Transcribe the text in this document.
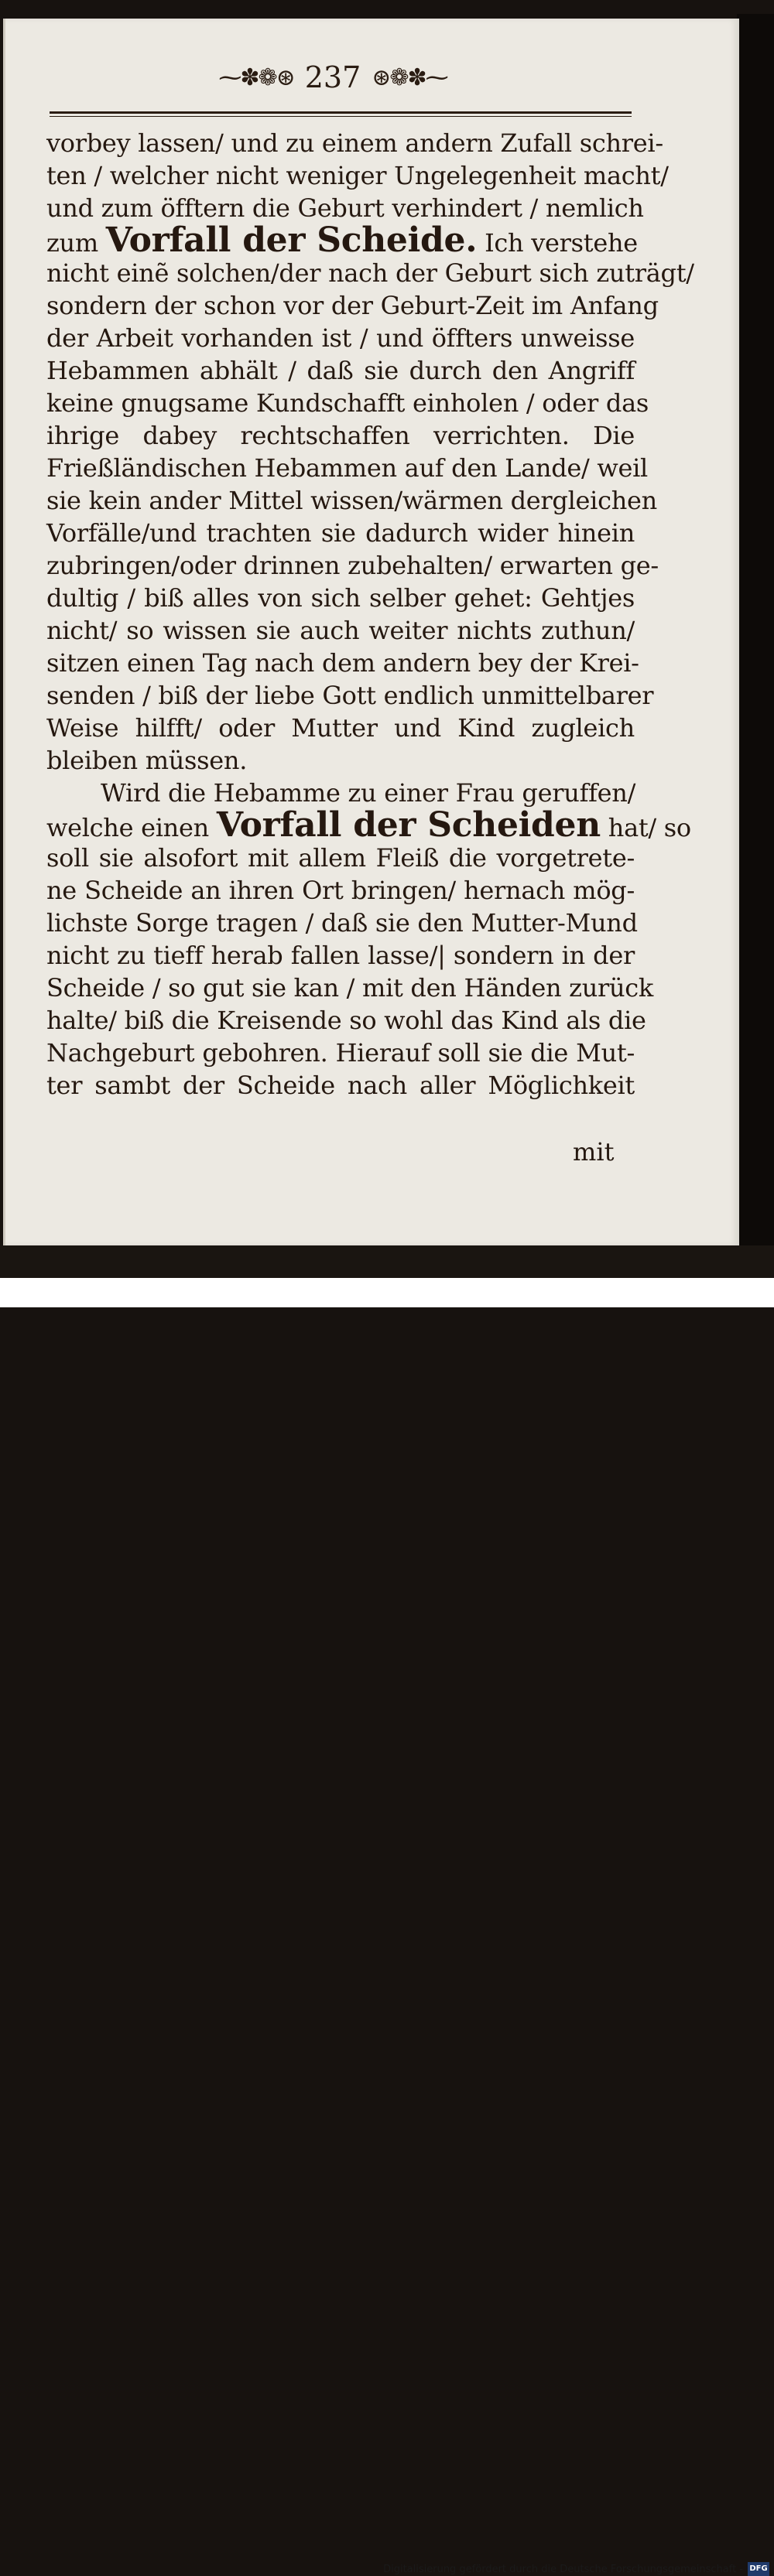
⁓✽❁⊛ 237 ⊛❁✽⁓
vorbey lassen/ und zu einem andern Zufall schrei-
ten / welcher nicht weniger Ungelegenheit macht/
und zum öfftern die Geburt verhindert / nemlich
zum Vorfall der Scheide. Ich verstehe
nicht einẽ solchen/der nach der Geburt sich zuträgt/
sondern der schon vor der Geburt-Zeit im Anfang
der Arbeit vorhanden ist / und öffters unweisse
Hebammen abhält / daß sie durch den Angriff
keine gnugsame Kundschafft einholen / oder das
ihrige dabey rechtschaffen verrichten. Die
Frießländischen Hebammen auf den Lande/ weil
sie kein ander Mittel wissen/wärmen dergleichen
Vorfälle/und trachten sie dadurch wider hinein
zubringen/oder drinnen zubehalten/ erwarten ge-
dultig / biß alles von sich selber gehet: Gehtjes
nicht/ so wissen sie auch weiter nichts zuthun/
sitzen einen Tag nach dem andern bey der Krei-
senden / biß der liebe Gott endlich unmittelbarer
Weise hilfft/ oder Mutter und Kind zugleich
bleiben müssen.
Wird die Hebamme zu einer Frau geruffen/
welche einen Vorfall der Scheiden hat/ so
soll sie alsofort mit allem Fleiß die vorgetrete-
ne Scheide an ihren Ort bringen/ hernach mög-
lichste Sorge tragen / daß sie den Mutter-Mund
nicht zu tieff herab fallen lasse/| sondern in der
Scheide / so gut sie kan / mit den Händen zurück
halte/ biß die Kreisende so wohl das Kind als die
Nachgeburt gebohren. Hierauf soll sie die Mut-
ter sambt der Scheide nach aller Möglichkeit
mit
Digitalisierung gefördert durch die Deutsche Forschungsgemeinschaft - DFG
